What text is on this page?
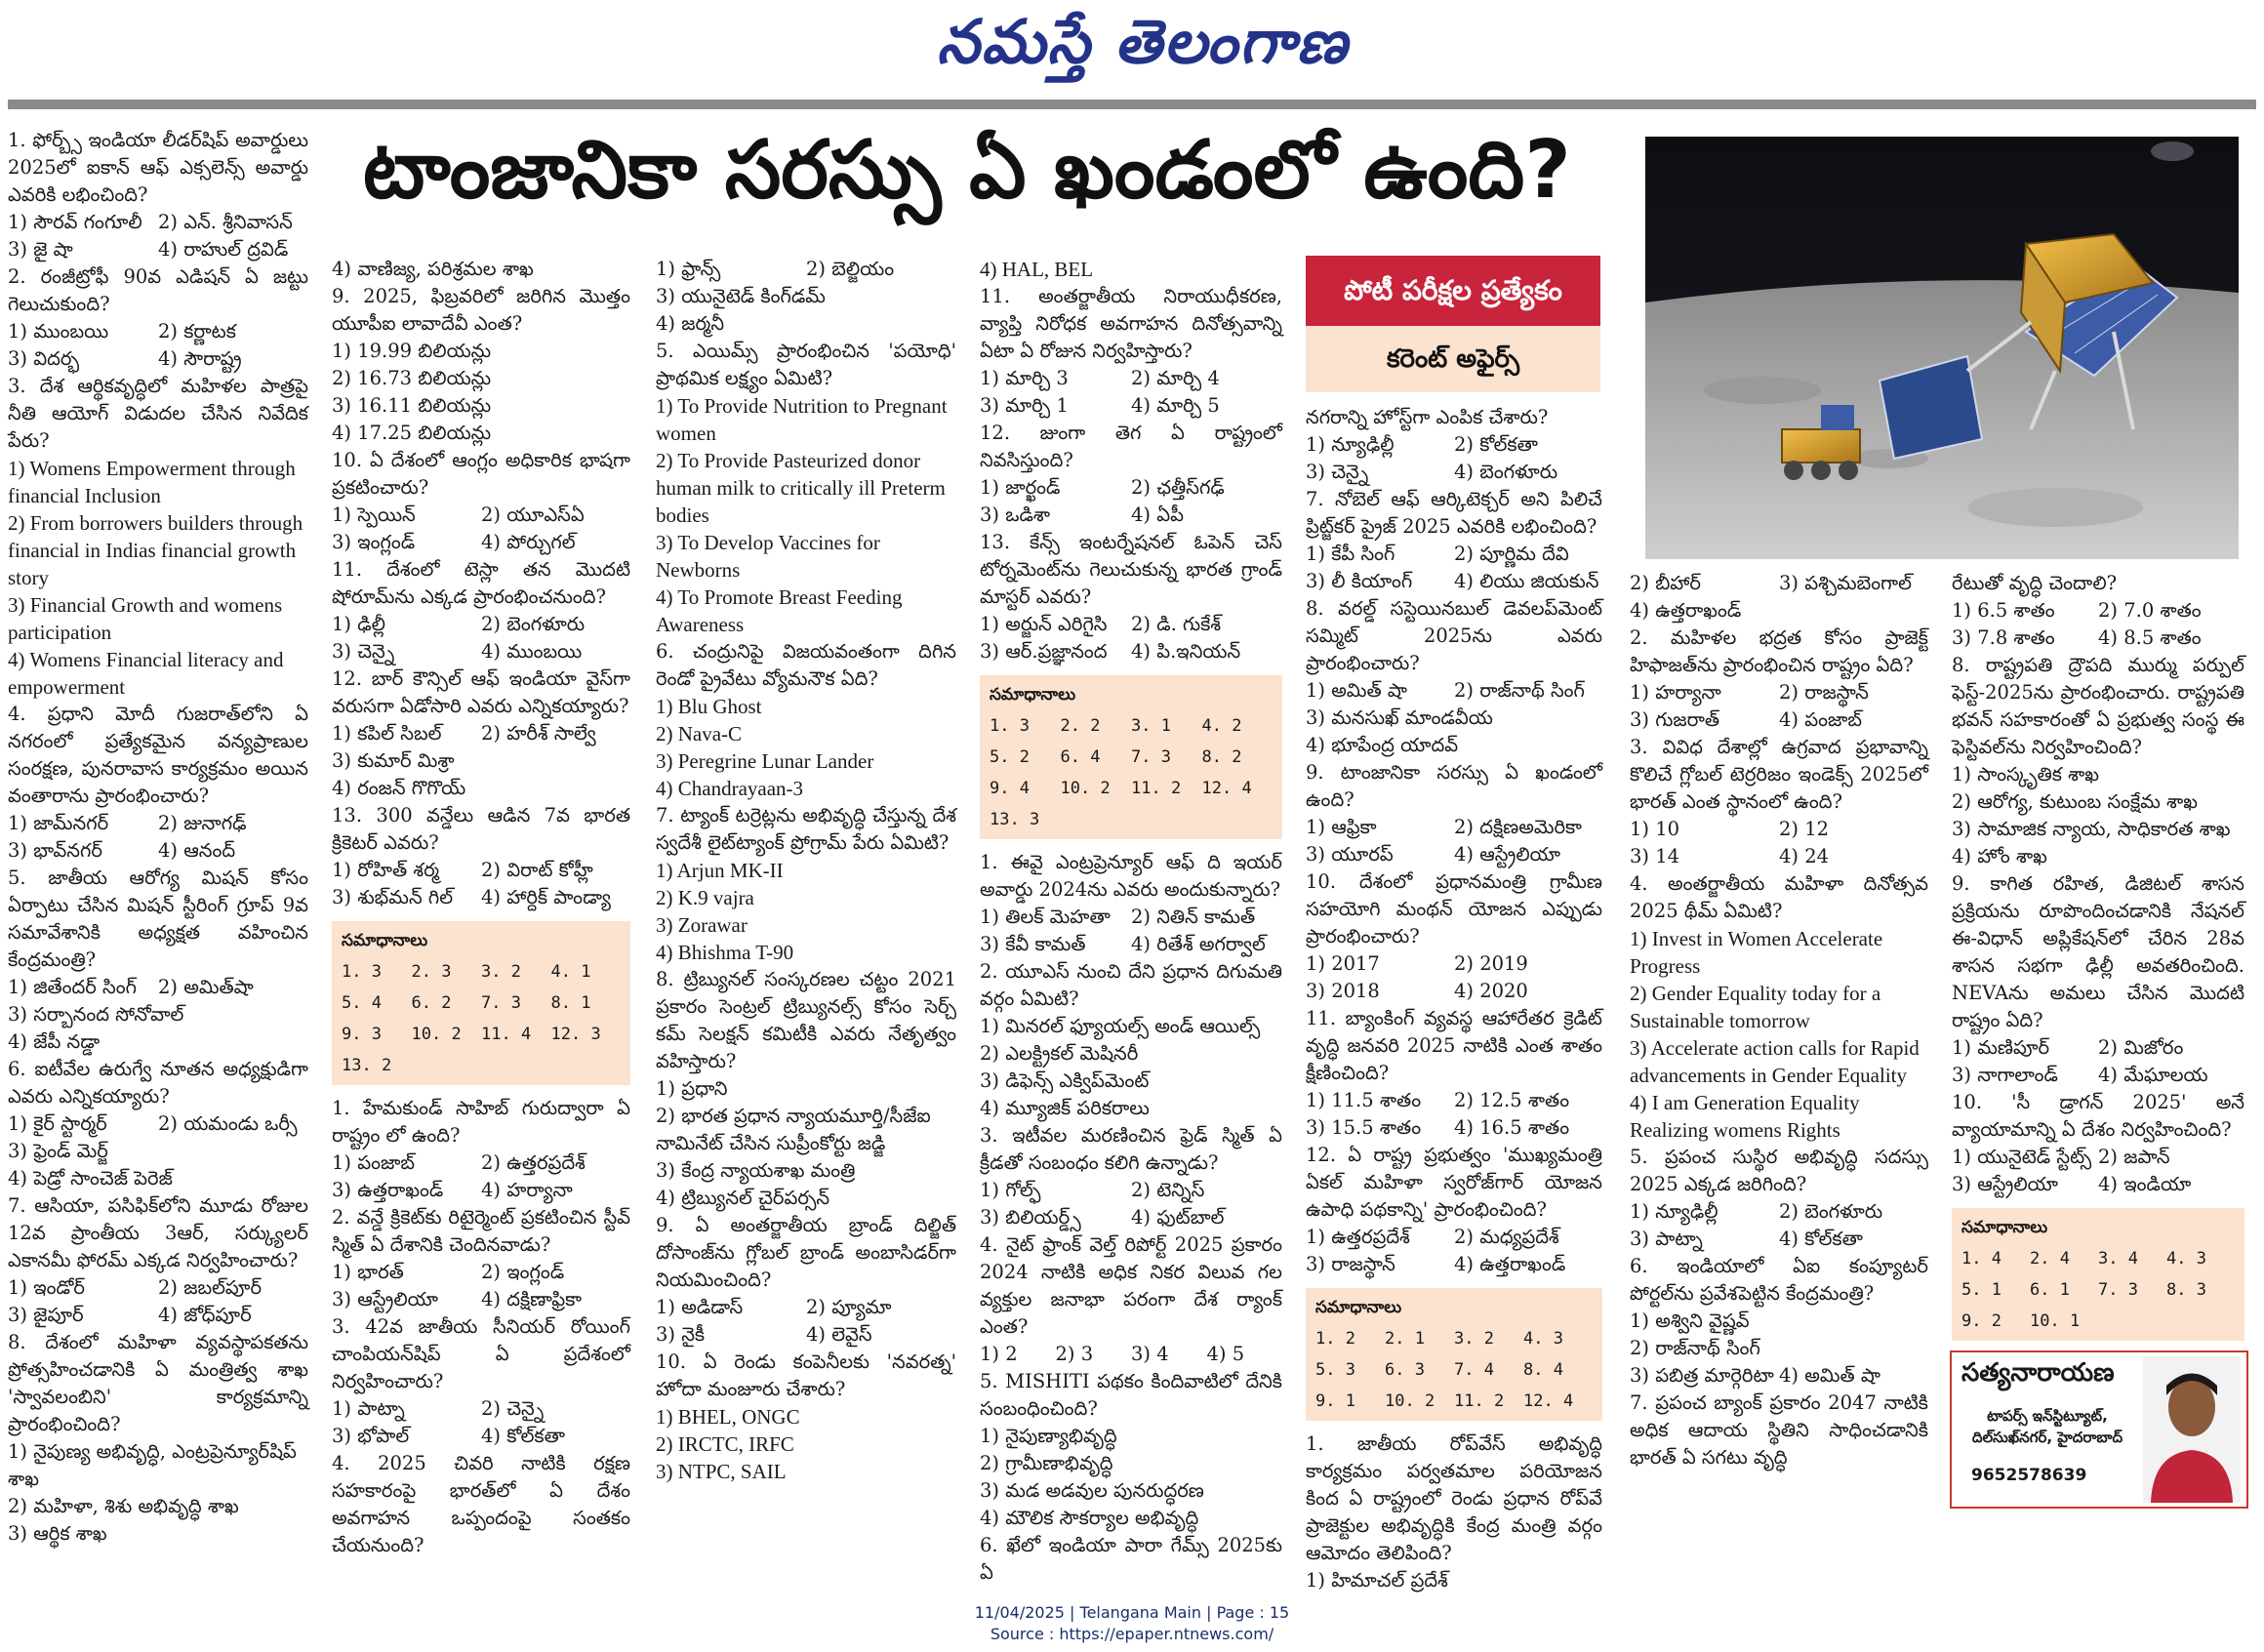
నమస్తే తెలంగాణ
టాంజానికా సరస్సు ఏ ఖండంలో ఉంది?

1. ఫోర్బ్స్ ఇండియా లీడర్‌షిప్ అవార్డులు 2025లో ఐకాన్ ఆఫ్ ఎక్సలెన్స్ అవార్డు ఎవరికి లభించింది?

1) సౌరవ్ గంగూలీ 2) ఎన్. శ్రీనివాసన్
3) జై షా	4) రాహుల్ ద్రవిడ్

2. రంజీట్రోఫీ 90వ ఎడిషన్ ఏ జట్టు గెలుచుకుంది?

1) ముంబయి	2) కర్ణాటక
3) విదర్భ	4) సౌరాష్ట్ర

3. దేశ ఆర్థికవృద్ధిలో మహిళల పాత్రపై నీతి ఆయోగ్ విడుదల చేసిన నివేదిక పేరు?

1) Womens Empowerment through financial Inclusion

2) From borrowers builders through financial in Indias financial growth story

3) Financial Growth and womens participation

4) Womens Financial literacy and empowerment

4. ప్రధాని మోదీ గుజరాత్‌లోని ఏ నగరంలో ప్రత్యేకమైన వన్యప్రాణుల సంరక్షణ, పునరావాస కార్యక్రమం అయిన వంతారాను ప్రారంభించారు?

1) జామ్‌నగర్	2) జునాగఢ్
3) భావ్‌నగర్	4) ఆనంద్

5. జాతీయ ఆరోగ్య మిషన్ కోసం ఏర్పాటు చేసిన మిషన్ స్టీరింగ్ గ్రూప్ 9వ సమావేశానికి అధ్యక్షత వహించిన కేంద్రమంత్రి?

1) జితేందర్ సింగ్	2) అమిత్‌షా

3) సర్బానంద సోనోవాల్

4) జేపీ నడ్డా

6. ఐటీవేల ఉరుగ్వే నూతన అధ్యక్షుడిగా ఎవరు ఎన్నికయ్యారు?

1) కైర్ స్టార్మర్	2) యమండు ఒర్సీ

3) ఫ్రెండ్ మెర్జ్

4) పెడ్రో సాంచెజ్ పెరెజ్

7. ఆసియా, పసిఫిక్‌లోని మూడు రోజుల 12వ ప్రాంతీయ 3ఆర్, సర్క్యులర్ ఎకానమీ ఫోరమ్ ఎక్కడ నిర్వహించారు?

1) ఇండోర్	2) జబల్‌పూర్
3) జైపూర్	4) జోధ్‌పూర్

8. దేశంలో మహిళా వ్యవస్థాపకతను ప్రోత్సహించడానికి ఏ మంత్రిత్వ శాఖ 'స్వావలంబిని' కార్యక్రమాన్ని ప్రారంభించింది?

1) నైపుణ్య అభివృద్ధి, ఎంట్రప్రెన్యూర్‌షిప్ శాఖ

2) మహిళా, శిశు అభివృద్ధి శాఖ

3) ఆర్థిక శాఖ

4) వాణిజ్య, పరిశ్రమల శాఖ

9. 2025, ఫిబ్రవరిలో జరిగిన మొత్తం యూపీఐ లావాదేవీ ఎంత?

1) 19.99 బిలియన్లు

2) 16.73 బిలియన్లు

3) 16.11 బిలియన్లు

4) 17.25 బిలియన్లు

10. ఏ దేశంలో ఆంగ్లం అధికారిక భాషగా ప్రకటించారు?

1) స్పెయిన్	2) యూఎస్ఏ
3) ఇంగ్లండ్	4) పోర్చుగల్

11. దేశంలో టెస్లా తన మొదటి షోరూమ్‌ను ఎక్కడ ప్రారంభించనుంది?

1) ఢిల్లీ	2) బెంగళూరు
3) చెన్నై	4) ముంబయి

12. బార్ కౌన్సిల్ ఆఫ్ ఇండియా వైస్‌గా వరుసగా ఏడోసారి ఎవరు ఎన్నికయ్యారు?

1) కపిల్ సిబల్	2) హరీశ్ సాల్వే

3) కుమార్ మిశ్రా

4) రంజన్ గొగొయ్

13. 300 వన్డేలు ఆడిన 7వ భారత క్రికెటర్ ఎవరు?

1) రోహిత్ శర్మ	2) విరాట్ కోహ్లీ
3) శుభ్‌మన్ గిల్	4) హార్దిక్ పాండ్యా
సమాధానాలు
1. 3	2. 3	3. 2	4. 1
5. 4	6. 2	7. 3	8. 1
9. 3	10. 2	11. 4	12. 3
13. 2

1. హేమకుండ్ సాహిబ్ గురుద్వారా ఏ రాష్ట్రం లో ఉంది?

1) పంజాబ్	2) ఉత్తరప్రదేశ్
3) ఉత్తరాఖండ్	4) హర్యానా

2. వన్డే క్రికెట్‌కు రిటైర్మెంట్ ప్రకటించిన స్టీవ్ స్మిత్ ఏ దేశానికి చెందినవాడు?

1) భారత్	2) ఇంగ్లండ్
3) ఆస్ట్రేలియా	4) దక్షిణాఫ్రికా

3. 42వ జాతీయ సీనియర్ రోయింగ్ చాంపియన్‌షిప్ ఏ ప్రదేశంలో నిర్వహించారు?

1) పాట్నా	2) చెన్నై
3) భోపాల్	4) కోల్‌కతా

4. 2025 చివరి నాటికి రక్షణ సహకారంపై భారత్‌లో ఏ దేశం అవగాహన ఒప్పందంపై సంతకం చేయనుంది?

1) ఫ్రాన్స్	2) బెల్జియం

3) యునైటెడ్ కింగ్‌డమ్

4) జర్మనీ

5. ఎయిమ్స్ ప్రారంభించిన 'పయోధి' ప్రాథమిక లక్ష్యం ఏమిటి?

1) To Provide Nutrition to Pregnant women

2) To Provide Pasteurized donor human milk to critically ill Preterm bodies

3) To Develop Vaccines for Newborns

4) To Promote Breast Feeding Awareness

6. చంద్రునిపై విజయవంతంగా దిగిన రెండో ప్రైవేటు వ్యోమనౌక ఏది?

1) Blu Ghost

2) Nava-C

3) Peregrine Lunar Lander

4) Chandrayaan-3

7. ట్యాంక్ టర్రెట్లను అభివృద్ధి చేస్తున్న దేశ స్వదేశీ లైట్‌ట్యాంక్ ప్రోగ్రామ్ పేరు ఏమిటి?

1) Arjun MK-II

2) K.9 vajra

3) Zorawar

4) Bhishma T-90

8. ట్రిబ్యునల్ సంస్కరణల చట్టం 2021 ప్రకారం సెంట్రల్ ట్రిబ్యునల్స్ కోసం సెర్చ్ కమ్ సెలక్షన్ కమిటీకి ఎవరు నేతృత్వం వహిస్తారు?

1) ప్రధాని

2) భారత ప్రధాన న్యాయమూర్తి/సీజేఐ నామినేట్ చేసిన సుప్రీంకోర్టు జడ్జి

3) కేంద్ర న్యాయశాఖ మంత్రి

4) ట్రిబ్యునల్ చైర్‌పర్సన్

9. ఏ అంతర్జాతీయ బ్రాండ్ దిల్జిత్ దోసాంజ్‌ను గ్లోబల్ బ్రాండ్ అంబాసిడర్‌గా నియమించింది?

1) అడిడాస్	2) ప్యూమా
3) నైకీ	4) లెవైస్

10. ఏ రెండు కంపెనీలకు 'నవరత్న' హోదా మంజూరు చేశారు?

1) BHEL, ONGC

2) IRCTC, IRFC

3) NTPC, SAIL

4) HAL, BEL

11. అంతర్జాతీయ నిరాయుధీకరణ, వ్యాప్తి నిరోధక అవగాహన దినోత్సవాన్ని ఏటా ఏ రోజున నిర్వహిస్తారు?

1) మార్చి 3	2) మార్చి 4
3) మార్చి 1	4) మార్చి 5

12. జుంగా తెగ ఏ రాష్ట్రంలో నివసిస్తుంది?

1) జార్ఖండ్	2) ఛత్తీస్‌గఢ్
3) ఒడిశా	4) ఏపీ

13. కేన్స్ ఇంటర్నేషనల్ ఓపెన్ చెస్ టోర్నమెంట్‌ను గెలుచుకున్న భారత గ్రాండ్ మాస్టర్ ఎవరు?

1) అర్జున్ ఎరిగైసి	2) డి. గుకేశ్
3) ఆర్.ప్రజ్ఞానంద	4) పి.ఇనియన్
సమాధానాలు
1. 3	2. 2	3. 1	4. 2
5. 2	6. 4	7. 3	8. 2
9. 4	10. 2	11. 2	12. 4
13. 3

1. ఈవై ఎంట్రప్రెన్యూర్ ఆఫ్ ది ఇయర్ అవార్డు 2024ను ఎవరు అందుకున్నారు?

1) తిలక్ మెహతా	2) నితిన్ కామత్
3) కేవీ కామత్	4) రితేశ్ అగర్వాల్

2. యూఎస్ నుంచి దేని ప్రధాన దిగుమతి వర్గం ఏమిటి?

1) మినరల్ ఫ్యూయల్స్ అండ్ ఆయిల్స్

2) ఎలక్ట్రికల్ మెషినరీ

3) డిఫెన్స్ ఎక్విప్‌మెంట్

4) మ్యూజిక్ పరికరాలు

3. ఇటీవల మరణించిన ఫ్రెడ్ స్మిత్ ఏ క్రీడతో సంబంధం కలిగి ఉన్నాడు?

1) గోల్ఫ్	2) టెన్నిస్
3) బిలియర్డ్స్	4) ఫుట్‌బాల్

4. నైట్ ఫ్రాంక్ వెల్త్ రిపోర్ట్ 2025 ప్రకారం 2024 నాటికి అధిక నికర విలువ గల వ్యక్తుల జనాభా పరంగా దేశ ర్యాంక్ ఎంత?

1) 2	2) 3	3) 4	4) 5

5. MISHITI పథకం కిందివాటిలో దేనికి సంబంధించింది?

1) నైపుణ్యాభివృద్ధి

2) గ్రామీణాభివృద్ధి

3) మడ అడవుల పునరుద్ధరణ

4) మౌలిక సౌకర్యాల అభివృద్ధి

6. ఖేలో ఇండియా పారా గేమ్స్ 2025కు ఏ

పోటీ పరీక్షల ప్రత్యేకం
కరెంట్ అఫైర్స్

నగరాన్ని హోస్ట్‌గా ఎంపిక చేశారు?

1) న్యూఢిల్లీ	2) కోల్‌కతా
3) చెన్నై	4) బెంగళూరు

7. నోబెల్ ఆఫ్ ఆర్కిటెక్చర్ అని పిలిచే ప్రిట్జ్‌కర్ ప్రైజ్ 2025 ఎవరికి లభించింది?

1) కేపీ సింగ్	2) పూర్ణిమ దేవి
3) లీ కియాంగ్	4) లియు జియకున్

8. వరల్డ్ సస్టెయినబుల్ డెవలప్‌మెంట్ సమ్మిట్ 2025ను ఎవరు ప్రారంభించారు?

1) అమిత్ షా	2) రాజ్‌నాథ్ సింగ్

3) మనసుఖ్ మాండవీయ

4) భూపేంద్ర యాదవ్

9. టాంజానికా సరస్సు ఏ ఖండంలో ఉంది?

1) ఆఫ్రికా	2) దక్షిణఅమెరికా
3) యూరప్	4) ఆస్ట్రేలియా

10. దేశంలో ప్రధానమంత్రి గ్రామీణ సహయోగి మంథన్ యోజన ఎప్పుడు ప్రారంభించారు?

1) 2017	2) 2019
3) 2018	4) 2020

11. బ్యాంకింగ్ వ్యవస్థ ఆహారేతర క్రెడిట్ వృద్ధి జనవరి 2025 నాటికి ఎంత శాతం క్షీణించింది?

1) 11.5 శాతం	2) 12.5 శాతం
3) 15.5 శాతం	4) 16.5 శాతం

12. ఏ రాష్ట్ర ప్రభుత్వం 'ముఖ్యమంత్రి ఏకల్ మహిళా స్వరోజ్‌గార్ యోజన ఉపాధి పథకాన్ని' ప్రారంభించింది?

1) ఉత్తరప్రదేశ్	2) మధ్యప్రదేశ్
3) రాజస్థాన్	4) ఉత్తరాఖండ్
సమాధానాలు
1. 2	2. 1	3. 2	4. 3
5. 3	6. 3	7. 4	8. 4
9. 1	10. 2	11. 2	12. 4

1. జాతీయ రోప్‌వేస్ అభివృద్ధి కార్యక్రమం పర్వతమాల పరియోజన కింద ఏ రాష్ట్రంలో రెండు ప్రధాన రోప్‌వే ప్రాజెక్టుల అభివృద్ధికి కేంద్ర మంత్రి వర్గం ఆమోదం తెలిపింది?

1) హిమాచల్ ప్రదేశ్

2) బీహార్	3) పశ్చిమబెంగాల్

4) ఉత్తరాఖండ్

2. మహిళల భద్రత కోసం ప్రాజెక్ట్ హిఫాజత్‌ను ప్రారంభించిన రాష్ట్రం ఏది?

1) హర్యానా	2) రాజస్థాన్
3) గుజరాత్	4) పంజాబ్

3. వివిధ దేశాల్లో ఉగ్రవాద ప్రభావాన్ని కొలిచే గ్లోబల్ టెర్రరిజం ఇండెక్స్ 2025లో భారత్ ఎంత స్థానంలో ఉంది?

1) 10	2) 12
3) 14	4) 24

4. అంతర్జాతీయ మహిళా దినోత్సవ 2025 థీమ్ ఏమిటి?

1) Invest in Women Accelerate Progress

2) Gender Equality today for a Sustainable tomorrow

3) Accelerate action calls for Rapid advancements in Gender Equality

4) I am Generation Equality Realizing womens Rights

5. ప్రపంచ సుస్థిర అభివృద్ధి సదస్సు 2025 ఎక్కడ జరిగింది?

1) న్యూఢిల్లీ	2) బెంగళూరు
3) పాట్నా	4) కోల్‌కతా

6. ఇండియాలో ఏఐ కంప్యూటర్ పోర్టల్‌ను ప్రవేశపెట్టిన కేంద్రమంత్రి?

1) అశ్విని వైష్ణవ్

2) రాజ్‌నాథ్ సింగ్

3) పబిత్ర మార్గెరిటా 4) అమిత్ షా

7. ప్రపంచ బ్యాంక్ ప్రకారం 2047 నాటికి అధిక ఆదాయ స్థితిని సాధించడానికి భారత్ ఏ సగటు వృద్ధి

రేటుతో వృద్ధి చెందాలి?

1) 6.5 శాతం	2) 7.0 శాతం
3) 7.8 శాతం	4) 8.5 శాతం

8. రాష్ట్రపతి ద్రౌపది ముర్ము పర్పుల్ ఫెస్ట్-2025ను ప్రారంభించారు. రాష్ట్రపతి భవన్ సహకారంతో ఏ ప్రభుత్వ సంస్థ ఈ ఫెస్టివల్‌ను నిర్వహించింది?

1) సాంస్కృతిక శాఖ

2) ఆరోగ్య, కుటుంబ సంక్షేమ శాఖ

3) సామాజిక న్యాయ, సాధికారత శాఖ

4) హోం శాఖ

9. కాగిత రహిత, డిజిటల్ శాసన ప్రక్రియను రూపొందించడానికి నేషనల్ ఈ-విధాన్ అప్లికేషన్‌లో చేరిన 28వ శాసన సభగా ఢిల్లీ అవతరించింది. NEVAను అమలు చేసిన మొదటి రాష్ట్రం ఏది?

1) మణిపూర్	2) మిజోరం
3) నాగాలాండ్	4) మేఘాలయ

10. 'సీ డ్రాగన్ 2025' అనే వ్యాయామాన్ని ఏ దేశం నిర్వహించింది?

1) యునైటెడ్ స్టేట్స్ 2) జపాన్
3) ఆస్ట్రేలియా	4) ఇండియా
సమాధానాలు
1. 4	2. 4	3. 4	4. 3
5. 1	6. 1	7. 3	8. 3
9. 2	10. 1
సత్యనారాయణ
టాపర్స్ ఇన్‌స్టిట్యూట్, దిల్‌సుఖ్‌నగర్, హైదరాబాద్
9652578639
11/04/2025 | Telangana Main | Page : 15
Source : https://epaper.ntnews.com/
